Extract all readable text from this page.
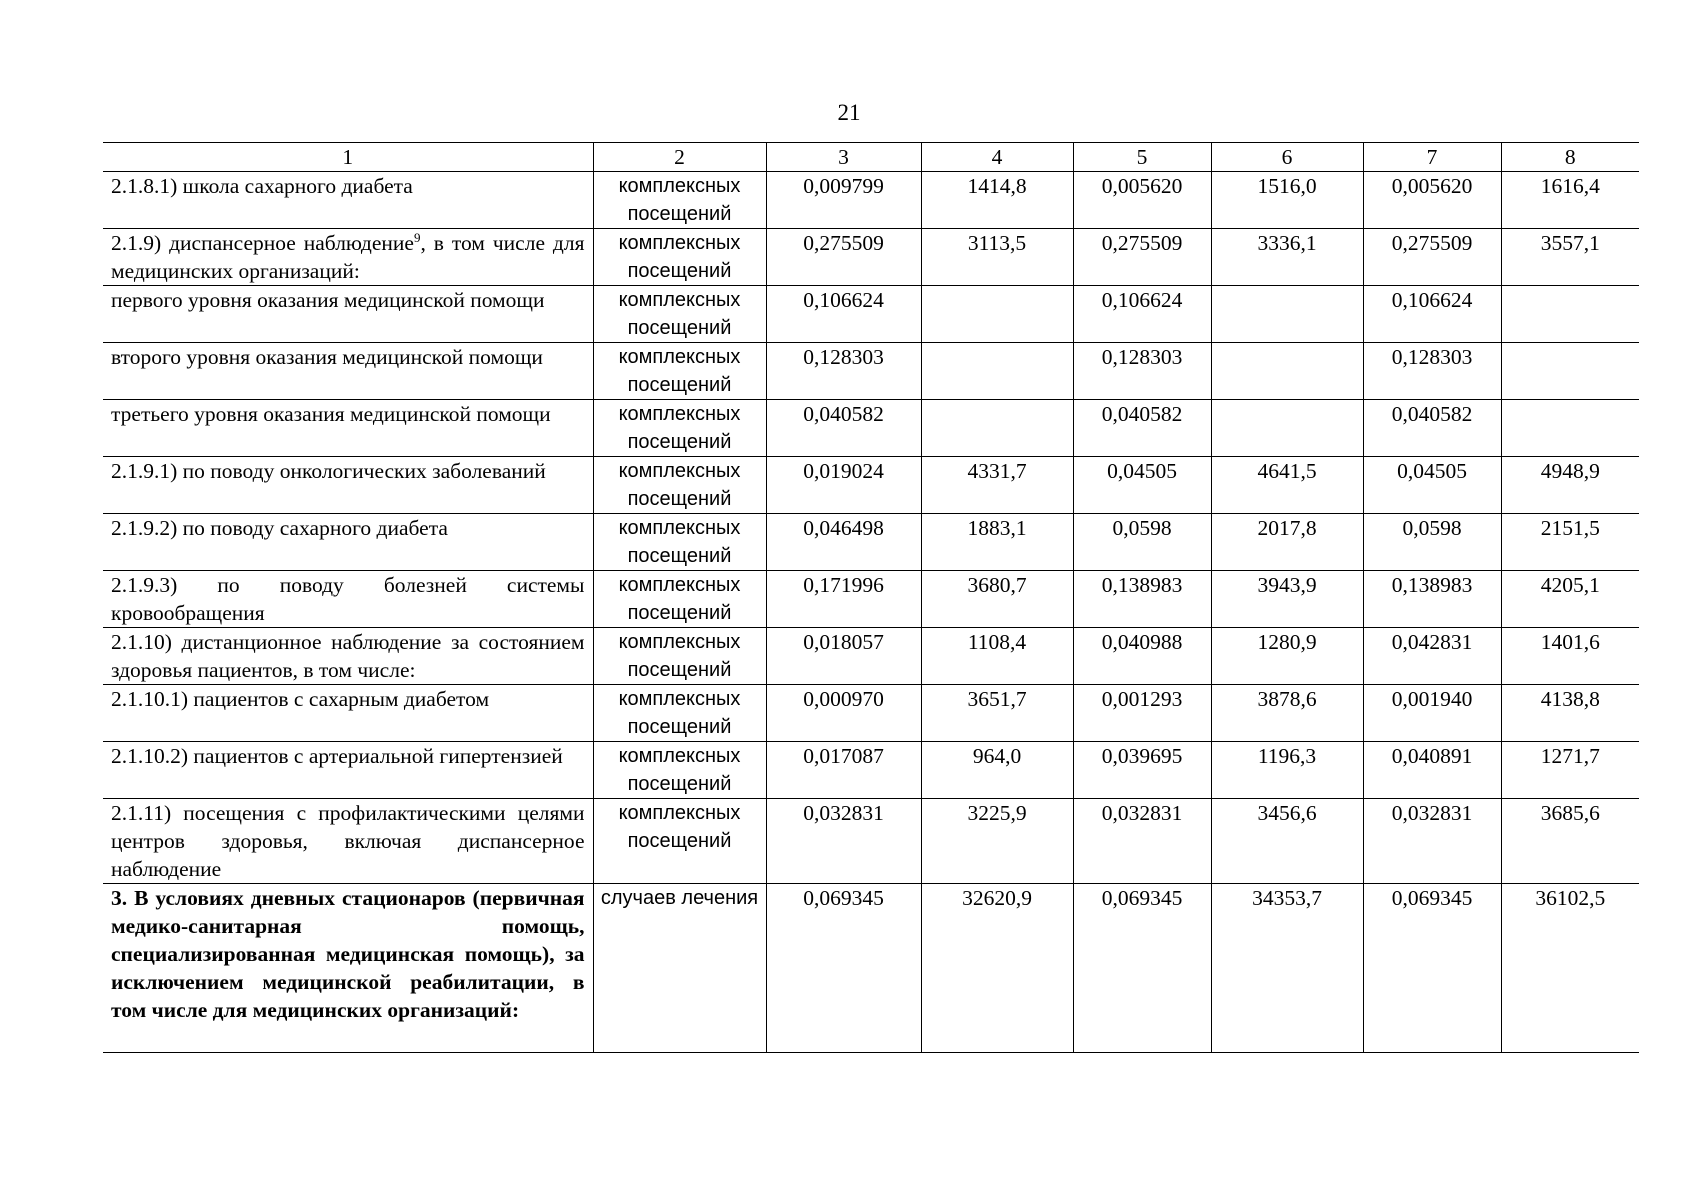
21
1	2	3	4	5	6	7	8
2.1.8.1) школа сахарного диабета	комплексных посещений	0,009799	1414,8	0,005620	1516,0	0,005620	1616,4
2.1.9) диспансерное наблюдение$^9$, в том числе для медицинских организаций:	комплексных посещений	0,275509	3113,5	0,275509	3336,1	0,275509	3557,1
первого уровня оказания медицинской помощи	комплексных посещений	0,106624		0,106624		0,106624	
второго уровня оказания медицинской помощи	комплексных посещений	0,128303		0,128303		0,128303	
третьего уровня оказания медицинской помощи	комплексных посещений	0,040582		0,040582		0,040582	
2.1.9.1) по поводу онкологических заболеваний	комплексных посещений	0,019024	4331,7	0,04505	4641,5	0,04505	4948,9
2.1.9.2) по поводу сахарного диабета	комплексных посещений	0,046498	1883,1	0,0598	2017,8	0,0598	2151,5
2.1.9.3) по поводу болезней системы кровообращения	комплексных посещений	0,171996	3680,7	0,138983	3943,9	0,138983	4205,1
2.1.10) дистанционное наблюдение за состоянием здоровья пациентов, в том числе:	комплексных посещений	0,018057	1108,4	0,040988	1280,9	0,042831	1401,6
2.1.10.1) пациентов с сахарным диабетом	комплексных посещений	0,000970	3651,7	0,001293	3878,6	0,001940	4138,8
2.1.10.2) пациентов с артериальной гипертензией	комплексных посещений	0,017087	964,0	0,039695	1196,3	0,040891	1271,7
2.1.11) посещения с профилактическими целями центров здоровья, включая диспансерное наблюдение	комплексных посещений	0,032831	3225,9	0,032831	3456,6	0,032831	3685,6
3. В условиях дневных стационаров (первичная медико-санитарная помощь, специализированная медицинская помощь), за исключением медицинской реабилитации, в том числе для медицинских организаций:	случаев лечения	0,069345	32620,9	0,069345	34353,7	0,069345	36102,5
